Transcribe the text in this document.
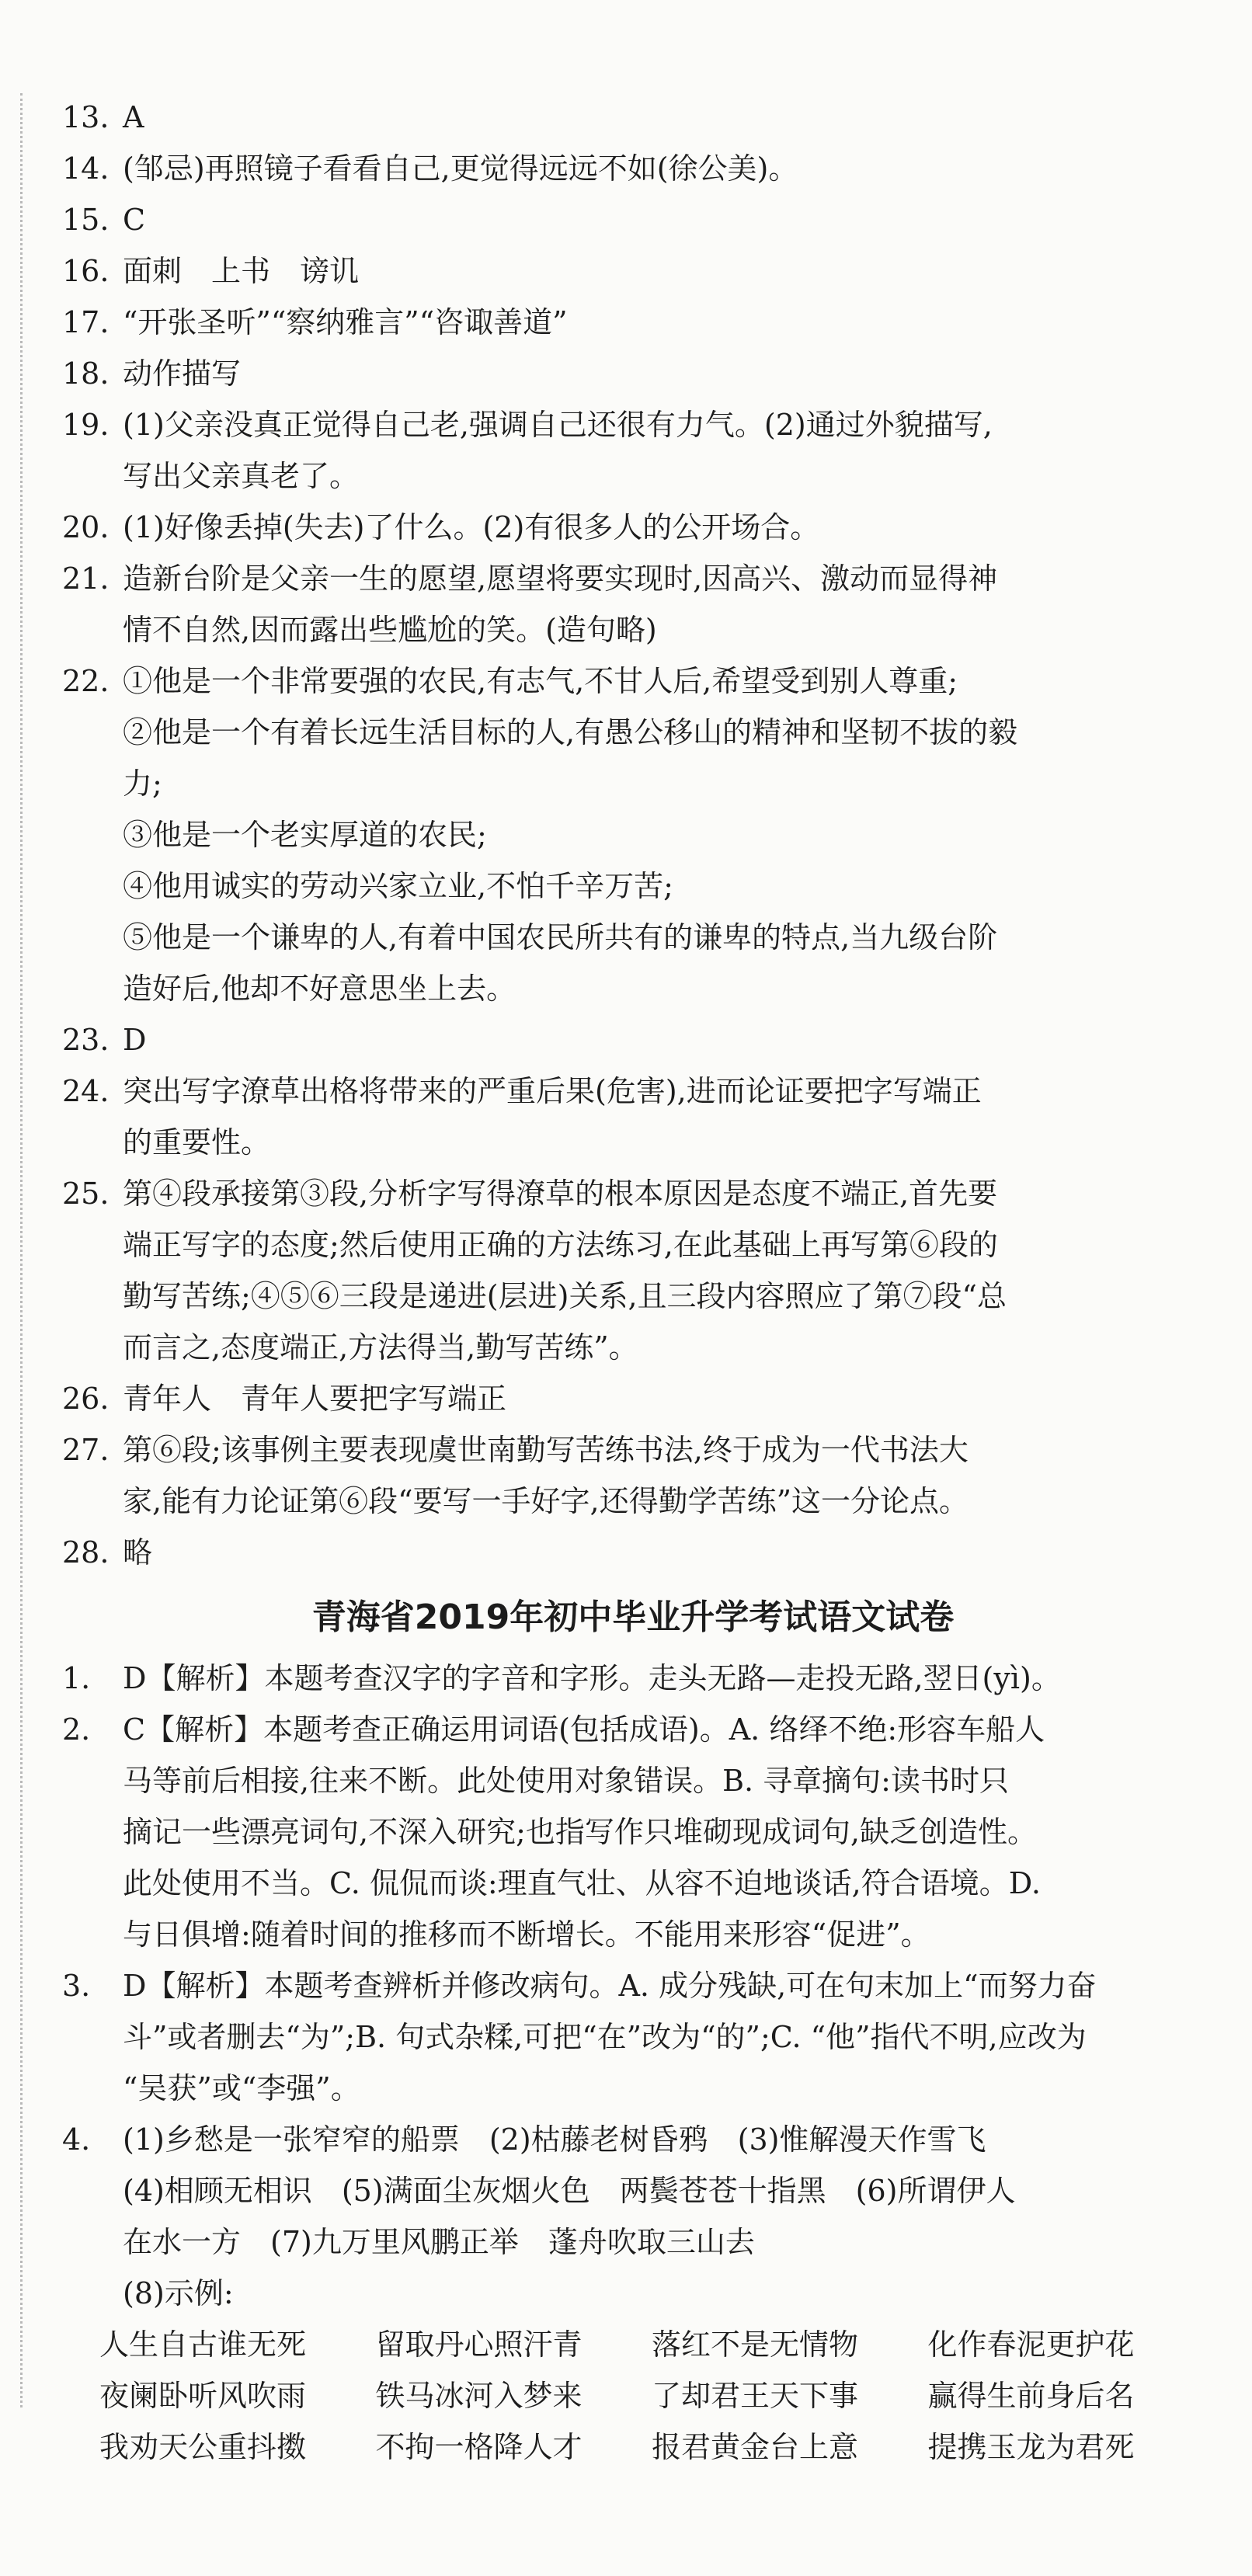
13. A
14. (邹忌)再照镜子看看自己,更觉得远远不如(徐公美)。
15. C
16. 面刺 上书 谤讥
17. “开张圣听”“察纳雅言”“咨诹善道”
18. 动作描写
19. (1)父亲没真正觉得自己老,强调自己还很有力气。(2)通过外貌描写,
写出父亲真老了。
20. (1)好像丢掉(失去)了什么。(2)有很多人的公开场合。
21. 造新台阶是父亲一生的愿望,愿望将要实现时,因高兴、激动而显得神
情不自然,因而露出些尴尬的笑。(造句略)
22. ①他是一个非常要强的农民,有志气,不甘人后,希望受到别人尊重;
②他是一个有着长远生活目标的人,有愚公移山的精神和坚韧不拔的毅
力;
③他是一个老实厚道的农民;
④他用诚实的劳动兴家立业,不怕千辛万苦;
⑤他是一个谦卑的人,有着中国农民所共有的谦卑的特点,当九级台阶
造好后,他却不好意思坐上去。
23. D
24. 突出写字潦草出格将带来的严重后果(危害),进而论证要把字写端正
的重要性。
25. 第④段承接第③段,分析字写得潦草的根本原因是态度不端正,首先要
端正写字的态度;然后使用正确的方法练习,在此基础上再写第⑥段的
勤写苦练;④⑤⑥三段是递进(层进)关系,且三段内容照应了第⑦段“总
而言之,态度端正,方法得当,勤写苦练”。
26. 青年人 青年人要把字写端正
27. 第⑥段;该事例主要表现虞世南勤写苦练书法,终于成为一代书法大
家,能有力论证第⑥段“要写一手好字,还得勤学苦练”这一分论点。
28. 略
青海省2019年初中毕业升学考试语文试卷
1.	D【解析】本题考查汉字的字音和字形。走头无路—走投无路,翌日(yì)。
2.	C【解析】本题考查正确运用词语(包括成语)。A. 络绎不绝:形容车船人
马等前后相接,往来不断。此处使用对象错误。B. 寻章摘句:读书时只
摘记一些漂亮词句,不深入研究;也指写作只堆砌现成词句,缺乏创造性。
此处使用不当。C. 侃侃而谈:理直气壮、从容不迫地谈话,符合语境。D.
与日俱增:随着时间的推移而不断增长。不能用来形容“促进”。
3.	D【解析】本题考查辨析并修改病句。A. 成分残缺,可在句末加上“而努力奋
斗”或者删去“为”;B. 句式杂糅,可把“在”改为“的”;C. “他”指代不明,应改为
“吴获”或“李强”。
4.	(1)乡愁是一张窄窄的船票　(2)枯藤老树昏鸦　(3)惟解漫天作雪飞
(4)相顾无相识　(5)满面尘灰烟火色　两鬓苍苍十指黑　(6)所谓伊人
在水一方　(7)九万里风鹏正举　蓬舟吹取三山去
(8)示例:
人生自古谁无死	留取丹心照汗青	落红不是无情物	化作春泥更护花
夜阑卧听风吹雨	铁马冰河入梦来	了却君王天下事	赢得生前身后名
我劝天公重抖擞	不拘一格降人才	报君黄金台上意	提携玉龙为君死
